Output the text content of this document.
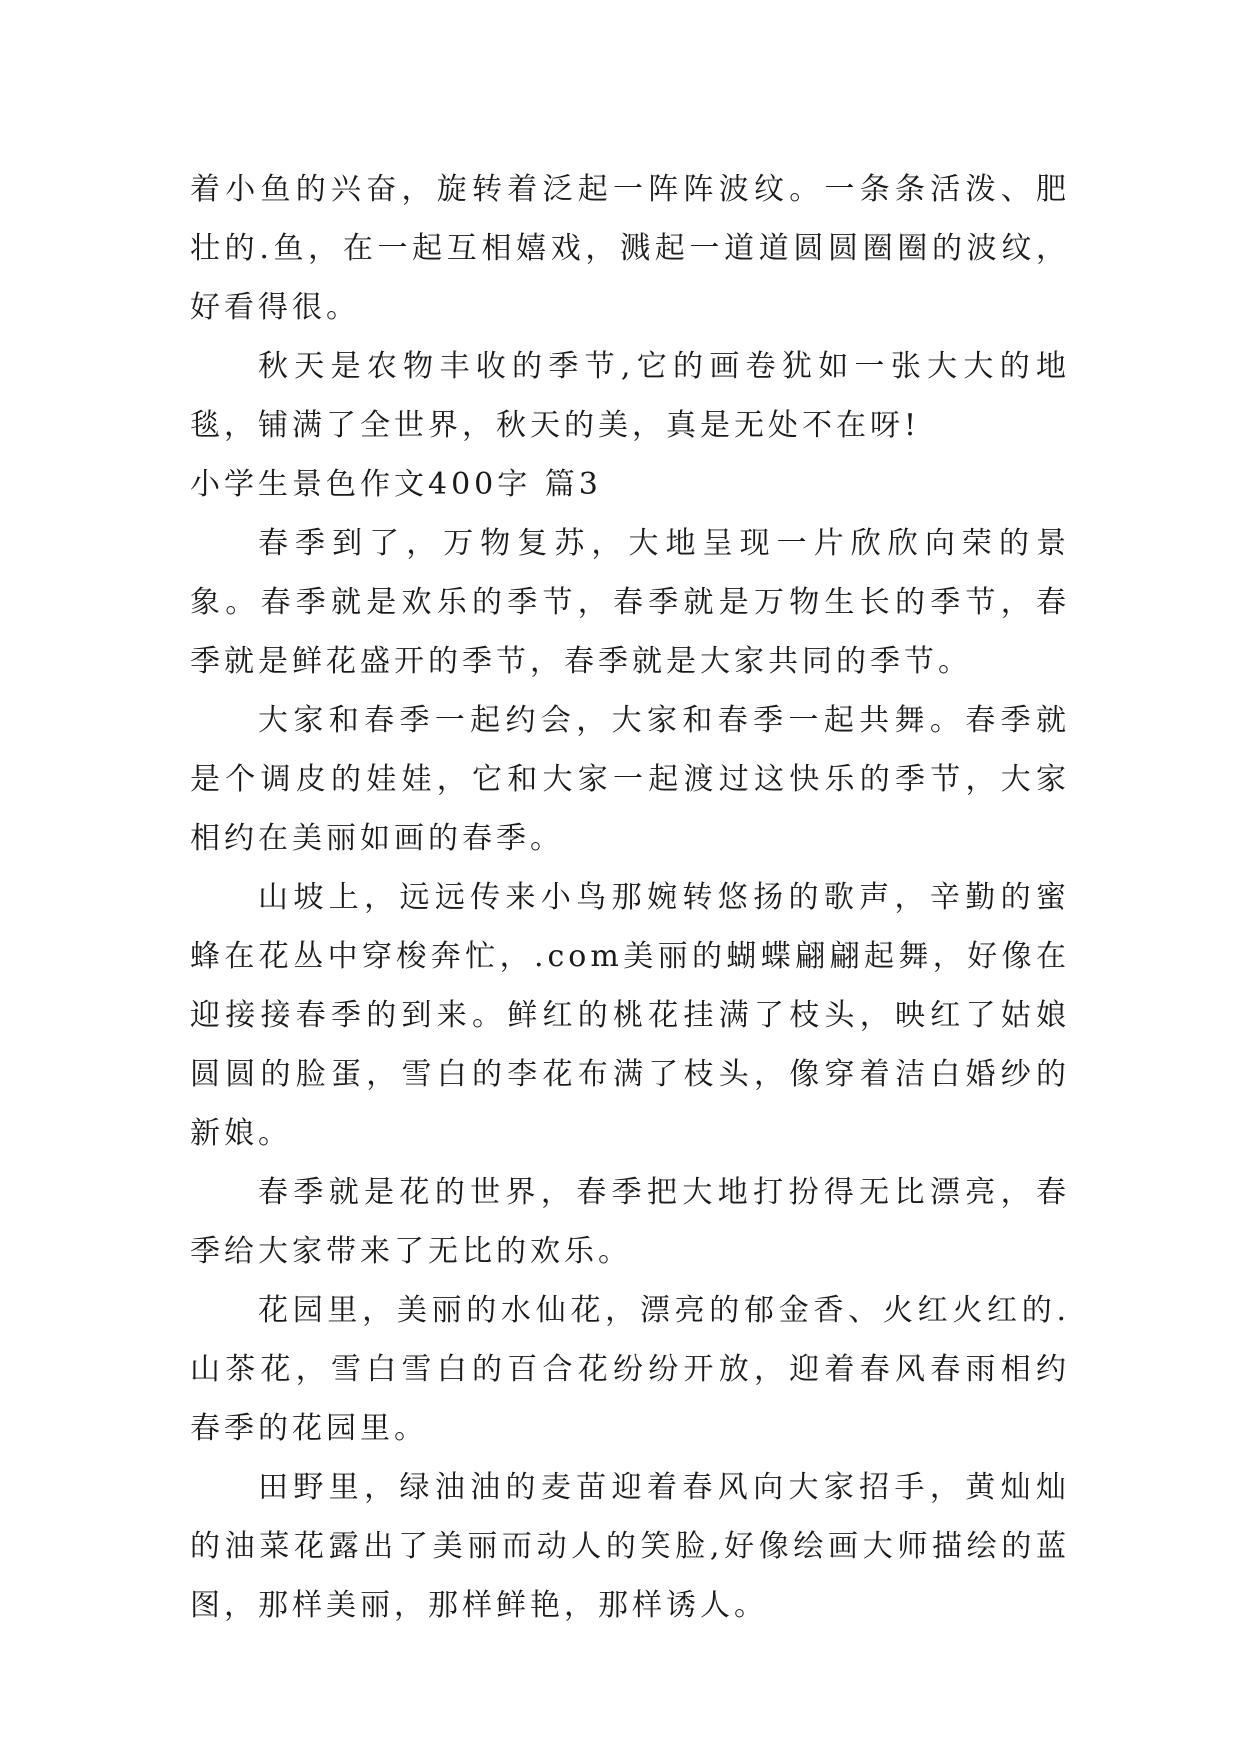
着小鱼的兴奋，旋转着泛起一阵阵波纹。一条条活泼、肥壮的.鱼，在一起互相嬉戏，溅起一道道圆圆圈圈的波纹，好看得很。

秋天是农物丰收的季节,它的画卷犹如一张大大的地毯，铺满了全世界，秋天的美，真是无处不在呀!

小学生景色作文400字 篇3

春季到了，万物复苏，大地呈现一片欣欣向荣的景象。春季就是欢乐的季节，春季就是万物生长的季节，春季就是鲜花盛开的季节，春季就是大家共同的季节。

大家和春季一起约会，大家和春季一起共舞。春季就是个调皮的娃娃，它和大家一起渡过这快乐的季节，大家相约在美丽如画的春季。

山坡上，远远传来小鸟那婉转悠扬的歌声，辛勤的蜜蜂在花丛中穿梭奔忙，.com美丽的蝴蝶翩翩起舞，好像在迎接接春季的到来。鲜红的桃花挂满了枝头，映红了姑娘圆圆的脸蛋，雪白的李花布满了枝头，像穿着洁白婚纱的新娘。

春季就是花的世界，春季把大地打扮得无比漂亮，春季给大家带来了无比的欢乐。

花园里，美丽的水仙花，漂亮的郁金香、火红火红的.山茶花，雪白雪白的百合花纷纷开放，迎着春风春雨相约春季的花园里。

田野里，绿油油的麦苗迎着春风向大家招手，黄灿灿的油菜花露出了美丽而动人的笑脸,好像绘画大师描绘的蓝图，那样美丽，那样鲜艳，那样诱人。
